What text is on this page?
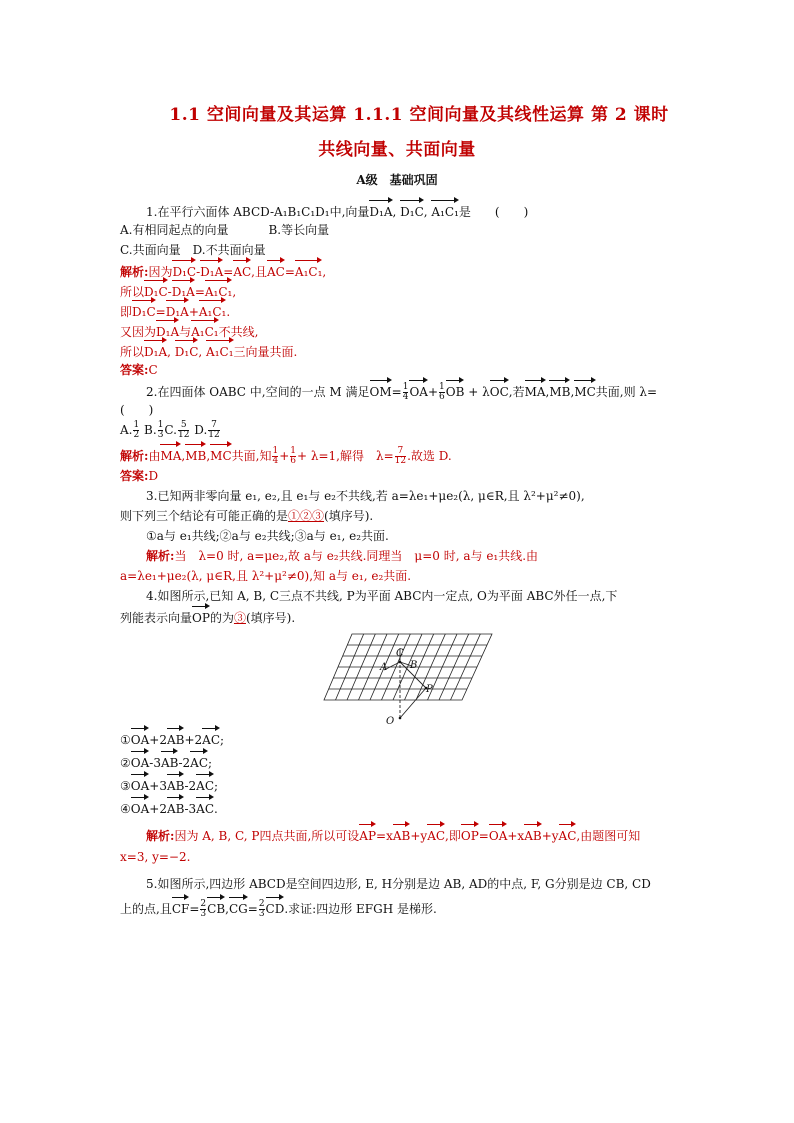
1.1 空间向量及其运算 1.1.1 空间向量及其线性运算 第 2 课时
共线向量、共面向量
A级　基础巩固
1.在平行六面体 ABCD-A₁B₁C₁D₁中,向量D₁A, D₁C, A₁C₁是　　(　　)
A.有相同起点的向量	B.等长向量
C.共面向量　D.不共面向量
解析:因为D₁C-D₁A=AC,且AC=A₁C₁,
所以D₁C-D₁A=A₁C₁,
即D₁C=D₁A+A₁C₁.
又因为D₁A与A₁C₁不共线,
所以D₁A, D₁C, A₁C₁三向量共面.
答案:C
2.在四面体 OABC 中,空间的一点 M 满足$OM= \frac{1}{4} OA+ \frac{1}{6}$ OB + λOC,若MA,MB,MC共面,则 λ=
(　　)
A. $\frac{1}{2} B$. $\frac{1}{3} C$. $\frac{5}{12} D$. $\frac{7}{12}$
解析:由MA,MB,MC共面,知 $\frac{1}{4} + \frac{1}{6} + \lambda=1$,解得　$\lambda= \frac{7}{12}$ .故选 D.
答案:D
3.已知两非零向量 e₁, e₂,且 e₁与 e₂不共线,若 a=λe₁+μe₂(λ, μ∈R,且 λ²+μ²≠0),
则下列三个结论有可能正确的是①②③(填序号).
①a与 e₁共线;②a与 e₂共线;③a与 e₁, e₂共面.
解析:当　λ=0 时, a=μe₂,故 a与 e₂共线.同理当　μ=0 时, a与 e₁共线.由
a=λe₁+μe₂(λ, μ∈R,且 λ²+μ²≠0),知 a与 e₁, e₂共面.
4.如图所示,已知 A, B, C三点不共线, P为平面 ABC内一定点, O为平面 ABC外任一点,下
列能表示向量OP的为③(填序号).
C
A B
P
O
①OA+2AB+2AC;
②OA-3AB-2AC;
③OA+3AB-2AC;
④OA+2AB-3AC.
解析:因为 A, B, C, P四点共面,所以可设AP=xAB+yAC,即OP=OA+xAB+yAC,由题图可知
x=3, y=−2.
5.如图所示,四边形 ABCD是空间四边形, E, H分别是边 AB, AD的中点, F, G分别是边 CB, CD
上的点,且$CF= \frac{2}{3} CB,CG= \frac{2}{3}$ CD.求证:四边形 EFGH 是梯形.
